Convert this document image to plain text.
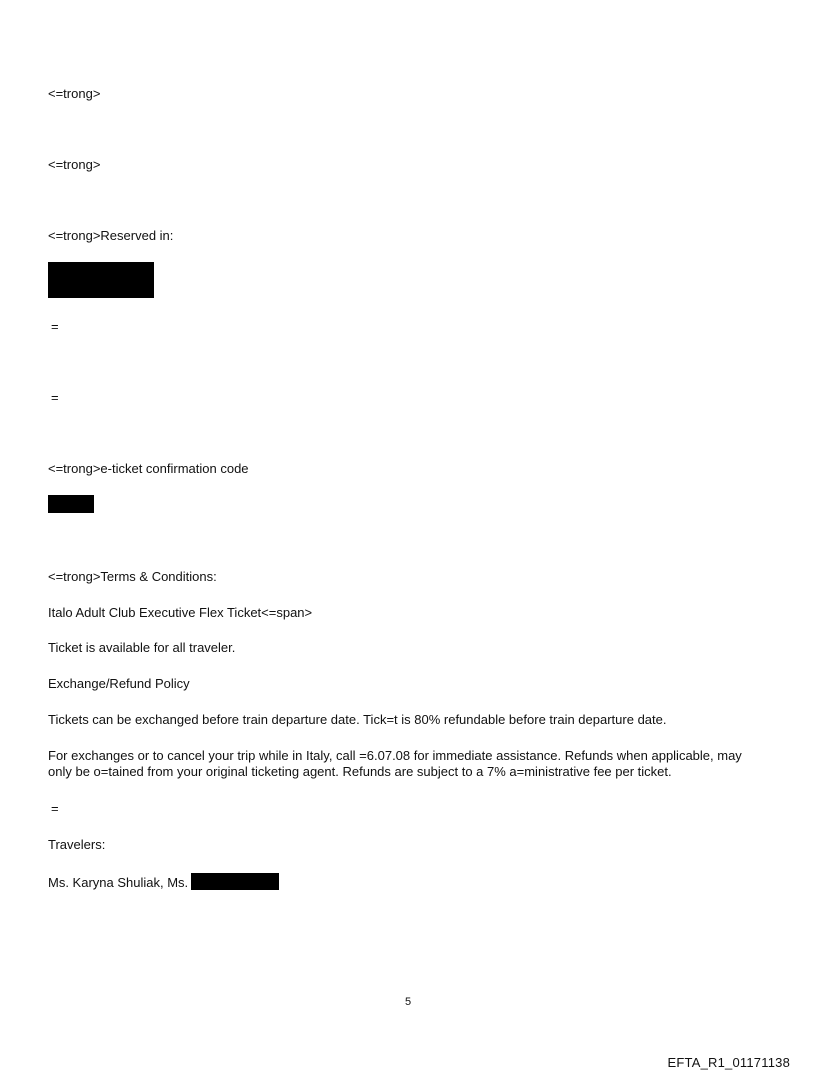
<=trong>
<=trong>
<=trong>Reserved in:
=
=
<=trong>e-ticket confirmation code
<=trong>Terms & Conditions:
Italo Adult Club Executive Flex Ticket<=span>
Ticket is available for all traveler.
Exchange/Refund Policy
Tickets can be exchanged before train departure date. Tick=t is 80% refundable before train departure date.
For exchanges or to cancel your trip while in Italy, call =6.07.08 for immediate assistance. Refunds when applicable, may only be o=tained from your original ticketing agent. Refunds are subject to a 7% a=ministrative fee per ticket.
=
Travelers:
Ms. Karyna Shuliak, Ms.
5
EFTA_R1_01171138
